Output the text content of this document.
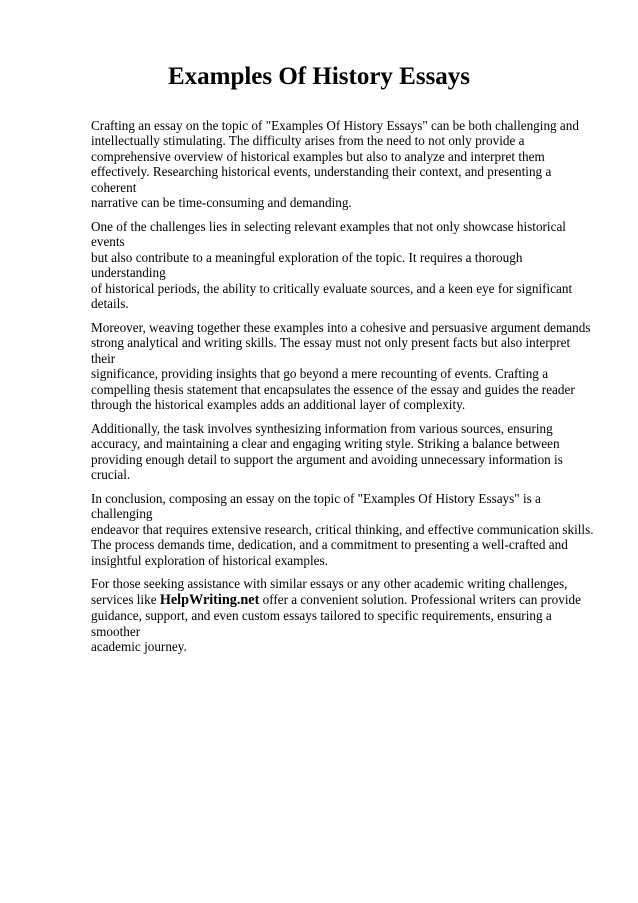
Examples Of History Essays

Crafting an essay on the topic of "Examples Of History Essays" can be both challenging and
intellectually stimulating. The difficulty arises from the need to not only provide a
comprehensive overview of historical examples but also to analyze and interpret them
effectively. Researching historical events, understanding their context, and presenting a coherent
narrative can be time-consuming and demanding.

One of the challenges lies in selecting relevant examples that not only showcase historical events
but also contribute to a meaningful exploration of the topic. It requires a thorough understanding
of historical periods, the ability to critically evaluate sources, and a keen eye for significant
details.

Moreover, weaving together these examples into a cohesive and persuasive argument demands
strong analytical and writing skills. The essay must not only present facts but also interpret their
significance, providing insights that go beyond a mere recounting of events. Crafting a
compelling thesis statement that encapsulates the essence of the essay and guides the reader
through the historical examples adds an additional layer of complexity.

Additionally, the task involves synthesizing information from various sources, ensuring
accuracy, and maintaining a clear and engaging writing style. Striking a balance between
providing enough detail to support the argument and avoiding unnecessary information is crucial.

In conclusion, composing an essay on the topic of "Examples Of History Essays" is a challenging
endeavor that requires extensive research, critical thinking, and effective communication skills.
The process demands time, dedication, and a commitment to presenting a well-crafted and
insightful exploration of historical examples.

For those seeking assistance with similar essays or any other academic writing challenges,
services like HelpWriting.net offer a convenient solution. Professional writers can provide
guidance, support, and even custom essays tailored to specific requirements, ensuring a smoother
academic journey.
